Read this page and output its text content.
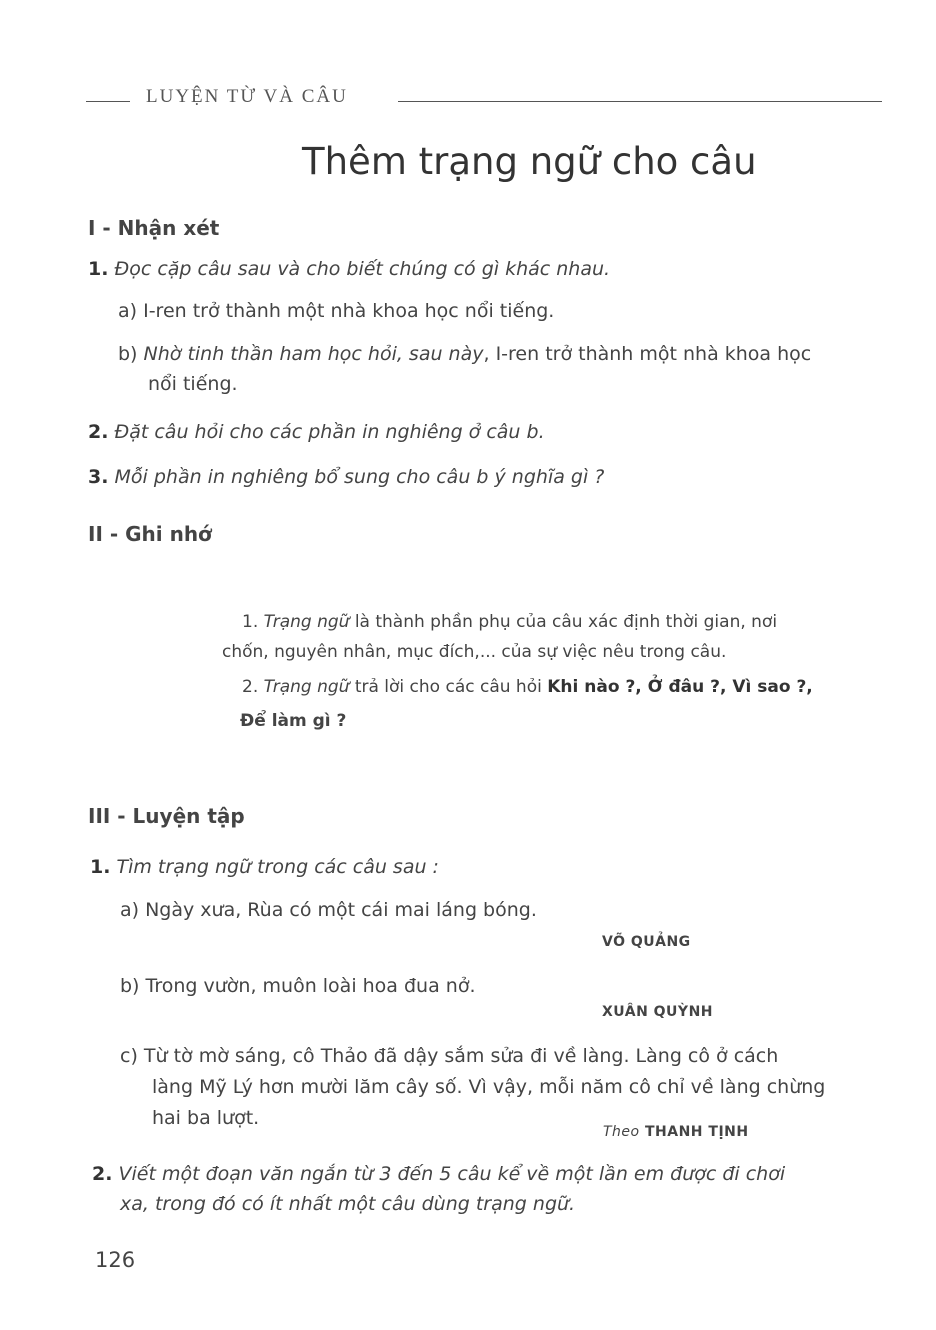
LUYỆN TỪ VÀ CÂU
Thêm trạng ngữ cho câu
I - Nhận xét
1. Đọc cặp câu sau và cho biết chúng có gì khác nhau.
a) I-ren trở thành một nhà khoa học nổi tiếng.
b) Nhờ tinh thần ham học hỏi, sau này, I-ren trở thành một nhà khoa học
nổi tiếng.
2. Đặt câu hỏi cho các phần in nghiêng ở câu b.
3. Mỗi phần in nghiêng bổ sung cho câu b ý nghĩa gì ?
II - Ghi nhớ
1. Trạng ngữ là thành phần phụ của câu xác định thời gian, nơi
chốn, nguyên nhân, mục đích,... của sự việc nêu trong câu.
2. Trạng ngữ trả lời cho các câu hỏi Khi nào ?, Ở đâu ?, Vì sao ?,
Để làm gì ?
III - Luyện tập
1. Tìm trạng ngữ trong các câu sau :
a) Ngày xưa, Rùa có một cái mai láng bóng.
VÕ QUẢNG
b) Trong vườn, muôn loài hoa đua nở.
XUÂN QUỲNH
c) Từ tờ mờ sáng, cô Thảo đã dậy sắm sửa đi về làng. Làng cô ở cách
làng Mỹ Lý hơn mười lăm cây số. Vì vậy, mỗi năm cô chỉ về làng chừng
hai ba lượt.
Theo THANH TỊNH
2. Viết một đoạn văn ngắn từ 3 đến 5 câu kể về một lần em được đi chơi
xa, trong đó có ít nhất một câu dùng trạng ngữ.
126
